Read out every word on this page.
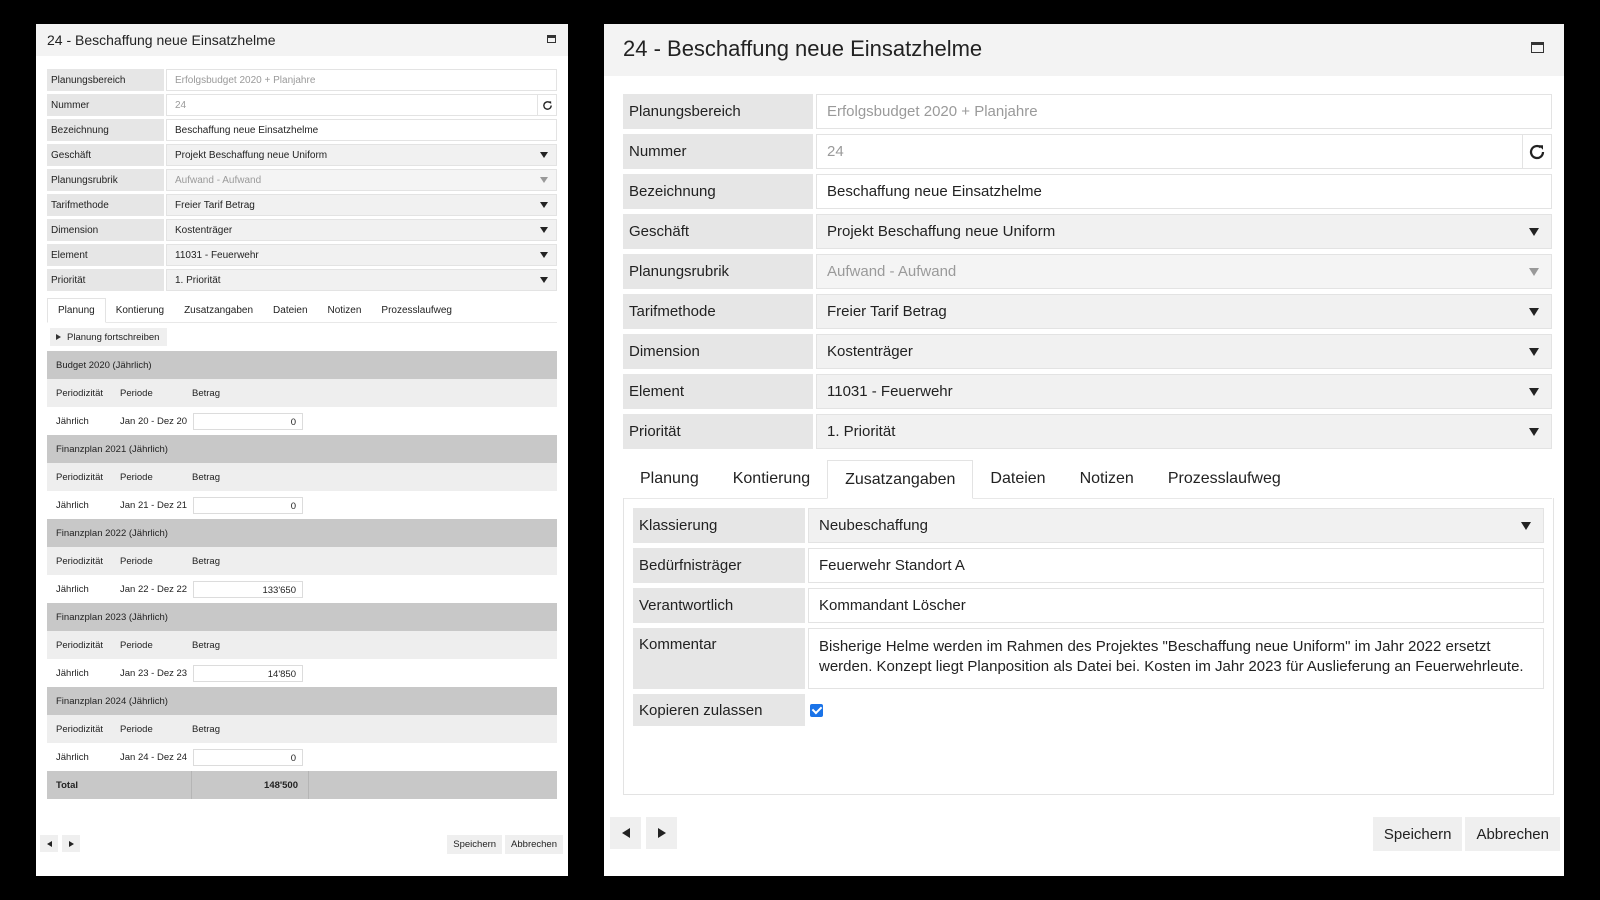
24 - Beschaffung neue Einsatzhelme
Planungsbereich	Erfolgsbudget 2020 + Planjahre
Nummer	24
Bezeichnung	Beschaffung neue Einsatzhelme
Geschäft	Projekt Beschaffung neue Uniform
Planungsrubrik	Aufwand - Aufwand
Tarifmethode	Freier Tarif Betrag
Dimension	Kostenträger
Element	11031 - Feuerwehr
Priorität	1. Priorität
Planung	Kontierung	Zusatzangaben	Dateien	Notizen	Prozesslaufweg
Planung fortschreiben
Budget 2020 (Jährlich)
Periodizität	Periode	Betrag
Jährlich	Jan 20 - Dez 20	0
Finanzplan 2021 (Jährlich)
Periodizität	Periode	Betrag
Jährlich	Jan 21 - Dez 21	0
Finanzplan 2022 (Jährlich)
Periodizität	Periode	Betrag
Jährlich	Jan 22 - Dez 22	133'650
Finanzplan 2023 (Jährlich)
Periodizität	Periode	Betrag
Jährlich	Jan 23 - Dez 23	14'850
Finanzplan 2024 (Jährlich)
Periodizität	Periode	Betrag
Jährlich	Jan 24 - Dez 24	0
Total	148'500
Speichern	Abbrechen
24 - Beschaffung neue Einsatzhelme
Planungsbereich	Erfolgsbudget 2020 + Planjahre
Nummer	24
Bezeichnung	Beschaffung neue Einsatzhelme
Geschäft	Projekt Beschaffung neue Uniform
Planungsrubrik	Aufwand - Aufwand
Tarifmethode	Freier Tarif Betrag
Dimension	Kostenträger
Element	11031 - Feuerwehr
Priorität	1. Priorität
Planung	Kontierung	Zusatzangaben	Dateien	Notizen	Prozesslaufweg
Klassierung	Neubeschaffung
Bedürfnisträger	Feuerwehr Standort A
Verantwortlich	Kommandant Löscher
Kommentar	Bisherige Helme werden im Rahmen des Projektes "Beschaffung neue Uniform" im Jahr 2022 ersetzt werden. Konzept liegt Planposition als Datei bei. Kosten im Jahr 2023 für Auslieferung an Feuerwehrleute.
Kopieren zulassen
Speichern	Abbrechen
